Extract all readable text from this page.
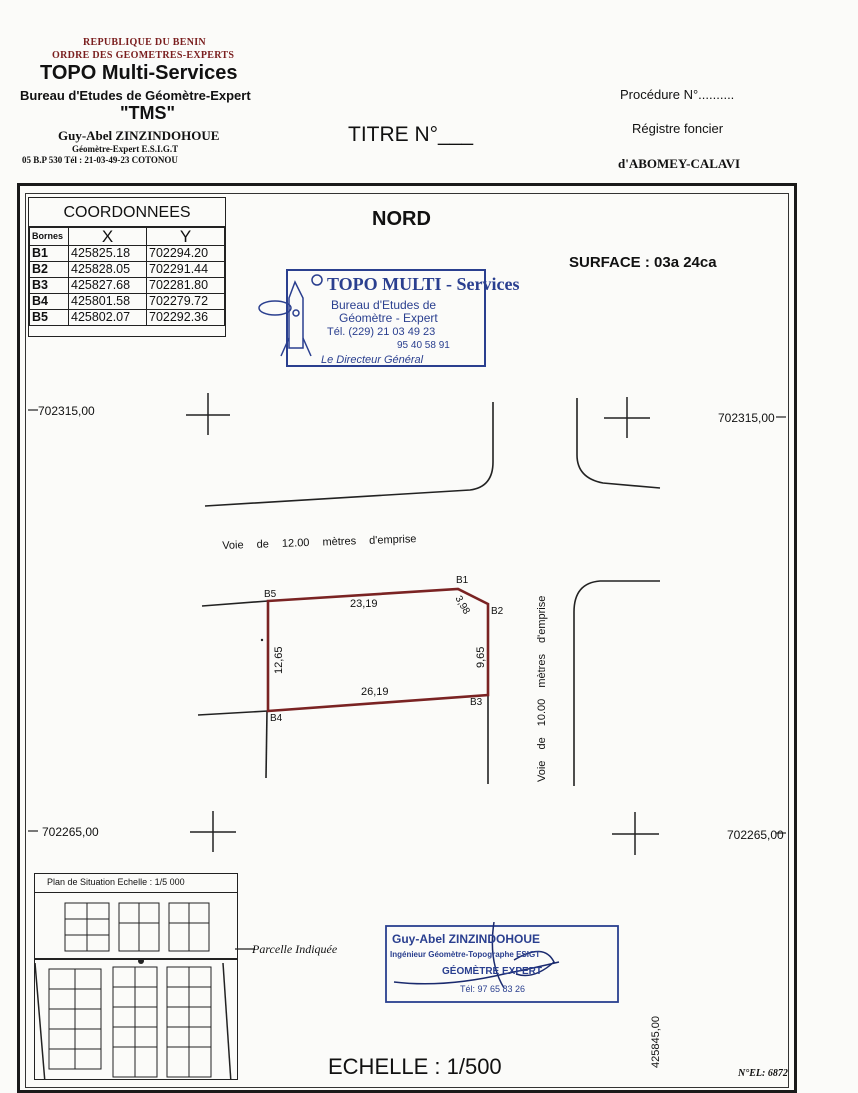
REPUBLIQUE DU BENIN
ORDRE DES GEOMETRES-EXPERTS
TOPO Multi-Services
Bureau d'Etudes de Géomètre-Expert
"TMS"
Guy-Abel ZINZINDOHOUE
Géomètre-Expert E.S.I.G.T
05 B.P 530 Tél : 21-03-49-23 COTONOU
TITRE N°___
Procédure N°..........
Régistre foncier
d'ABOMEY-CALAVI
COORDONNEES
Bornes	X	Y
B1	425825.18	702294.20
B2	425828.05	702291.44
B3	425827.68	702281.80
B4	425801.58	702279.72
B5	425802.07	702292.36
NORD
SURFACE : 03a 24ca
TOPO MULTI - Services
Bureau d'Etudes de
Géomètre - Expert
Tél. (229) 21 03 49 23
95 40 58 91
Le Directeur Général
702315,00	702315,00
702265,00	702265,00
Voie de 12.00 mètres d'emprise
Voie de 10.00 mètres d'emprise
B5
B1
B2
B3
B4
23,19	3,98
9,65
26,19
12,65
Plan de Situation Echelle : 1/5 000
Parcelle Indiquée
Guy-Abel ZINZINDOHOUE
Ingénieur Géomètre-Topographe ESIGT
GÉOMÈTRE EXPERT
Tél: 97 65 83 26
425845,00
ECHELLE : 1/500	N°EL: 6872
